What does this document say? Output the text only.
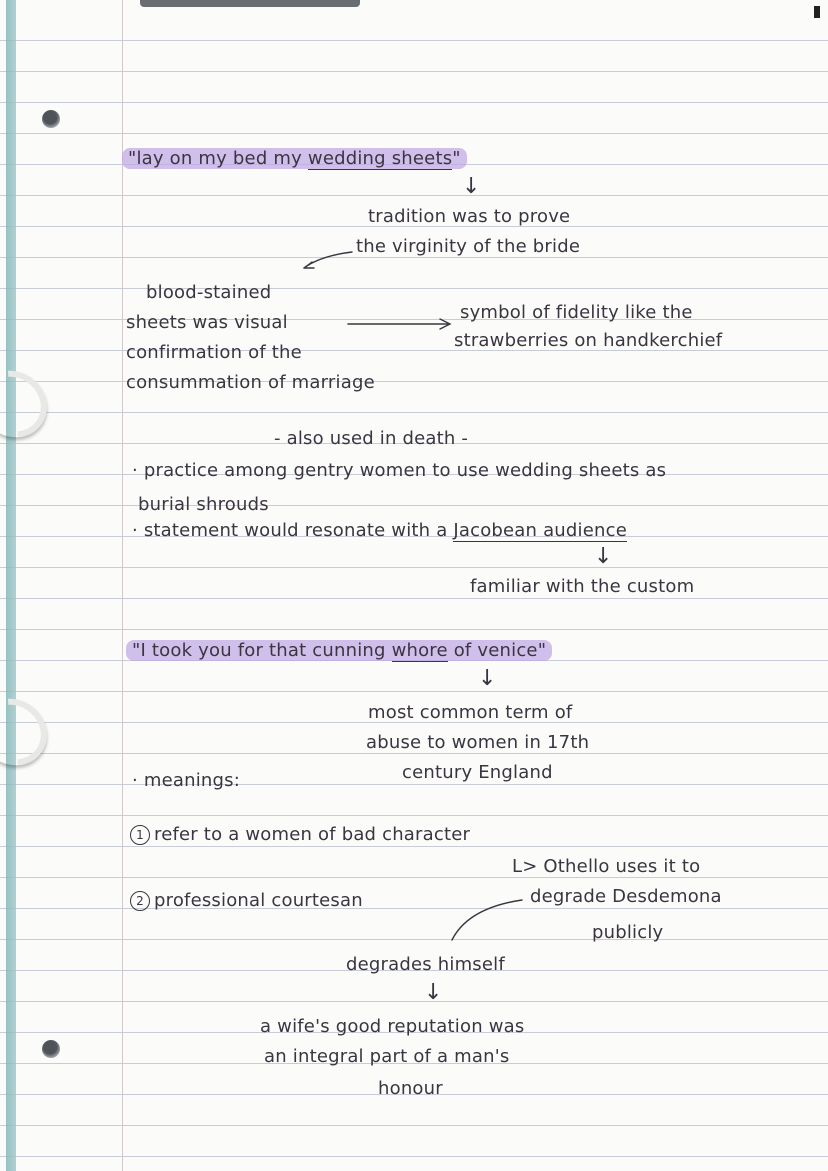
"lay on my bed my wedding sheets"
↓
tradition was to prove
the virginity of the bride
blood-stained
sheets was visual
confirmation of the
consummation of marriage
symbol of fidelity like the
strawberries on handkerchief
- also used in death -
· practice among gentry women to use wedding sheets as
burial shrouds
· statement would resonate with a Jacobean audience
↓
familiar with the custom
"I took you for that cunning whore of venice"
↓
most common term of
abuse to women in 17th
century England
· meanings:
1 refer to a women of bad character
L> Othello uses it to
2 professional courtesan	degrade Desdemona
publicly
degrades himself
↓
a wife's good reputation was
an integral part of a man's
honour
